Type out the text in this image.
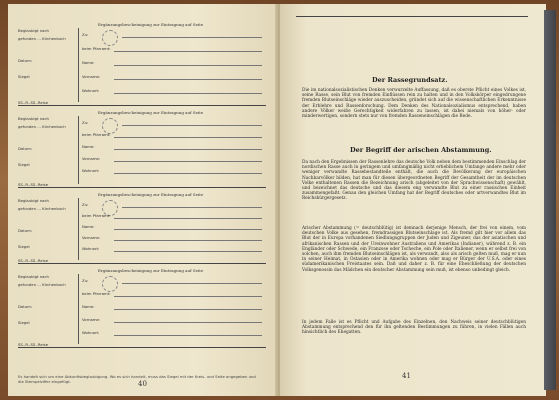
Ergänzungsbescheinigung zur Eintragung auf Seite
Beglaubigt nach
gefunden ... Kirchenbuch
Datum:
Siegel
Zu:
beim Pfarramt:
Name:
Vorname:
Wohnort:
SS.-R.-SS.-Reise
Ergänzungsbescheinigung zur Eintragung auf Seite
Beglaubigt nach
gefunden ... Kirchenbuch
Datum:
Siegel
Zu:
beim Pfarramt:
Name:
Vorname:
Wohnort:
SS.-R.-SS.-Reise
Ergänzungsbescheinigung zur Eintragung auf Seite
Beglaubigt nach
gefunden ... Kirchenbuch
Datum:
Siegel
Zu:
beim Pfarramt:
Name:
Vorname:
Wohnort:
SS.-R.-SS.-Reise
Ergänzungsbescheinigung zur Eintragung auf Seite
Beglaubigt nach
gefunden ... Kirchenbuch
Datum:
Siegel
Zu:
beim Pfarramt:
Name:
Vorname:
Wohnort:
SS.-R.-SS.-Reise
40
Es handelt sich um eine Abkunftsbeglaubigung. Wo es sich handelt, muss das Siegel mit der Kreis- und Seite angegeben und die Stempelziffer eingefügt.
Der Rassegrundsatz.

Die im nationalsozialistischen Denken verwurzelte Auffassung, daß es oberste Pflicht eines Volkes ist, seine Rasse, sein Blut von fremden Einflüssen rein zu halten und in den Volkskörper eingedrungene fremden Blutseinschläge wieder auszuscheiden, gründet sich auf die wissenschaftlichen Erkenntnisse der Erblehre und Rassenforschung. Dem Denken des Nationalsozialismus entsprechend, haben andere Völker weiße Gerechtigkeit widerfahren zu lassen, ist dabei niemals von höher- oder minderwertigen, sondern stets nur von fremden Rasseneinschlägen die Rede.

Der Begriff der arischen Abstammung.

Da nach den Ergebnissen der Rassenlehre das deutsche Volk neben dem bestimmenden Einschlag der nordischen Rasse auch in geringem und umfangmäßig nicht erheblichem Umfange andere mehr oder weniger verwandte Rassebestandteile enthält, die auch die Bevölkerung der europäischen Nachbarvölker bilden, hat man für diesen übergeordneten Begriff der Gesamtheit der im deutschen Volke enthaltenen Rassen die Bezeichnung arisch (abgeleitet von der Sprachwissenschaft) gewählt, und bezeichnet das deutsche und das diesem eng verwandte Blut zu einer rassischen Einheit zusammengefaßt. Genau den gleichen Umfang hat der Begriff deutsches oder artverwandtes Blut im Reichsbürgergesetz.

Arischer Abstammung (= deutschblütig) ist demnach derjenige Mensch, der frei von einem, vom deutschen Volke aus gesehen, fremdrassigen Blutseinschlage ist. Als fremd gilt hier vor allem das Blut der in Europa vorhandenen Siedlungsgruppen der Juden und Zigeuner, das der asiatischen und afrikanischen Rassen und der Ureinwohner Australiens und Amerikas (Indianer), während z. B. ein Engländer oder Schwede, ein Franzose oder Tscheche, ein Pole oder Italiener, wenn er selbst frei von solchen, auch ihm fremden Blutseinschlägen ist, als verwandt, also als arisch gelten muß, mag er nun in seiner Heimat, in Ostasien oder in Amerika wohnen oder mag er Bürger der U.S.A. oder eines südamerikanischen Freistaates sein. Daß und daher z. B. für eine Eheschließung der deutschen Volksgenossin das Mädchen ein deutscher Abstammung sein muß, ist ebenso unbedingt gleich.

In jedem Falle ist es Pflicht und Aufgabe des Einzelnen, den Nachweis seiner deutschblütigen Abstammung entsprechend den für ihn geltenden Bestimmungen zu führen, in vielen Fällen auch hinsichtlich des Ehegatten.

41
